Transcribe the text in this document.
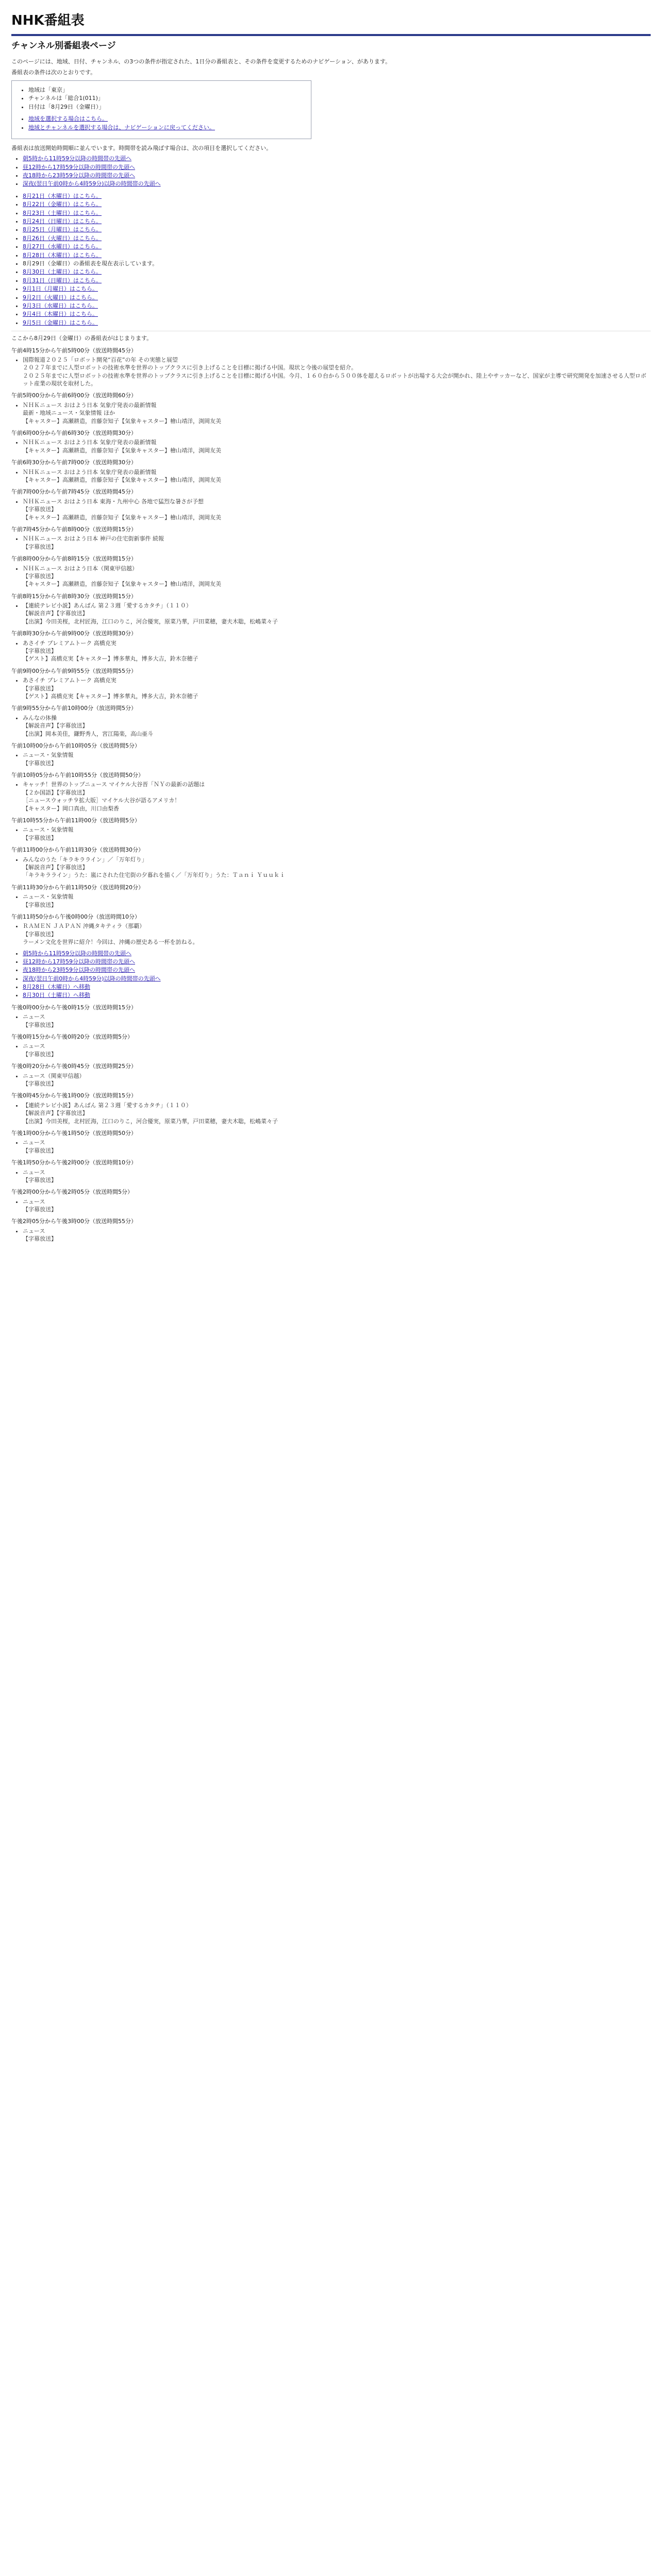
NHK番組表
チャンネル別番組表ページ

このページには、地域、日付、チャンネル、の3つの条件が指定された、1日分の番組表と、その条件を変更するためのナビゲーション、があります。

番組表の条件は次のとおりです。

• 地域は「東京」
• チャンネルは「総合1(011)」
• 日付は「8月29日（金曜日）」
• 地域を選択する場合はこちら。
• 地域とチャンネルを選択する場合は、ナビゲーションに戻ってください。

番組表は放送開始時間順に並んでいます。時間帯を読み飛ばす場合は、次の項目を選択してください。

• 朝5時から11時59分以降の時間帯の先頭へ
• 昼12時から17時59分以降の時間帯の先頭へ
• 夜18時から23時59分以降の時間帯の先頭へ
• 深夜(翌日午前0時から4時59分)以降の時間帯の先頭へ
• 8月21日（木曜日）はこちら。
• 8月22日（金曜日）はこちら。
• 8月23日（土曜日）はこちら。
• 8月24日（日曜日）はこちら。
• 8月25日（月曜日）はこちら。
• 8月26日（火曜日）はこちら。
• 8月27日（水曜日）はこちら。
• 8月28日（木曜日）はこちら。
• 8月29日（金曜日）の番組表を現在表示しています。
• 8月30日（土曜日）はこちら。
• 8月31日（日曜日）はこちら。
• 9月1日（月曜日）はこちら。
• 9月2日（火曜日）はこちら。
• 9月3日（水曜日）はこちら。
• 9月4日（木曜日）はこちら。
• 9月5日（金曜日）はこちら。

ここから8月29日（金曜日）の番組表がはじまります。

午前4時15分から午前5時00分（放送時間45分）

• 国際報道２０２５「ロボット開発“百花”の年 その実態と展望
２０２７年までに人型ロボットの技術水準を世界のトップクラスに引き上げることを目標に掲げる中国。現状と今後の展望を紹介。
２０２５年までに人型ロボットの技術水準を世界のトップクラスに引き上げることを目標に掲げる中国。今月、１６０台から５００体を超えるロボットが出場する大会が開かれ、陸上やサッカーなど、国家が主導で研究開発を加速させる人型ロボット産業の現状を取材した。

午前5時00分から午前6時00分（放送時間60分）

• ＮＨＫニュース おはよう日本 気象庁発表の最新情報
最新・地域ニュース・気象情報 ほか
【キャスター】高瀬耕造，首藤奈知子【気象キャスター】檜山靖洋，渕岡友美

午前6時00分から午前6時30分（放送時間30分）

• ＮＨＫニュース おはよう日本 気象庁発表の最新情報
【キャスター】高瀬耕造，首藤奈知子【気象キャスター】檜山靖洋，渕岡友美

午前6時30分から午前7時00分（放送時間30分）

• ＮＨＫニュース おはよう日本 気象庁発表の最新情報
【キャスター】高瀬耕造，首藤奈知子【気象キャスター】檜山靖洋，渕岡友美

午前7時00分から午前7時45分（放送時間45分）

• ＮＨＫニュース おはよう日本 東海・九州中心 各地で猛烈な暑さが予想
【字幕放送】
【キャスター】高瀬耕造，首藤奈知子【気象キャスター】檜山靖洋，渕岡友美

午前7時45分から午前8時00分（放送時間15分）

• ＮＨＫニュース おはよう日本 神戸の住宅街新事件 続報
【字幕放送】

午前8時00分から午前8時15分（放送時間15分）

• ＮＨＫニュース おはよう日本（関東甲信越）
【字幕放送】
【キャスター】高瀬耕造，首藤奈知子【気象キャスター】檜山靖洋，渕岡友美

午前8時15分から午前8時30分（放送時間15分）

• 【連続テレビ小説】あんぱん 第２３週「愛するカタチ」（１１０）
【解説音声】【字幕放送】
【出演】今田美桜，北村匠海，江口のりこ，河合優実，原菜乃華，戸田菜穂，妻夫木聡，松嶋菜々子

午前8時30分から午前9時00分（放送時間30分）

• あさイチ プレミアムトーク 高橋克実
【字幕放送】
【ゲスト】高橋克実【キャスター】博多華丸，博多大吉，鈴木奈穂子

午前9時00分から午前9時55分（放送時間55分）

• あさイチ プレミアムトーク 高橋克実
【字幕放送】
【ゲスト】高橋克実【キャスター】博多華丸，博多大吉，鈴木奈穂子

午前9時55分から午前10時00分（放送時間5分）

• みんなの体操
【解説音声】【字幕放送】
【出演】岡本美佳，鎌野秀人，宮江陽楽，高山亜斗

午前10時00分から午前10時05分（放送時間5分）

• ニュース・気象情報
【字幕放送】

午前10時05分から午前10時55分（放送時間50分）

• キャッチ！世界のトップニュース マイケル大谷晋「ＮＹの最新の話題は
【２か国語】【字幕放送】
［ニュースウォッチ９拡大版］マイケル大谷が語るアメリカ！
【キャスター】岡口真由，川口由梨香

午前10時55分から午前11時00分（放送時間5分）

• ニュース・気象情報
【字幕放送】

午前11時00分から午前11時30分（放送時間30分）

• みんなのうた「キラキラライン」／「万年灯り」
【解説音声】【字幕放送】
「キラキラライン」うた：嵐にされた住宅街の夕暮れを描く／「万年灯り」うた：Ｔａｎｉ Ｙｕｕｋｉ

午前11時30分から午前11時50分（放送時間20分）

• ニュース・気象情報
【字幕放送】

午前11時50分から午後0時00分（放送時間10分）

• ＲＡＭＥＮ ＪＡＰＡＮ 沖縄タキティラ（那覇）
【字幕放送】
ラーメン文化を世界に紹介！今回は、沖縄の歴史ある一杯を訪ねる。
• 朝5時から11時59分以降の時間帯の先頭へ
• 昼12時から17時59分以降の時間帯の先頭へ
• 夜18時から23時59分以降の時間帯の先頭へ
• 深夜(翌日午前0時から4時59分)以降の時間帯の先頭へ
• 8月28日（木曜日）へ移動
• 8月30日（土曜日）へ移動

午後0時00分から午後0時15分（放送時間15分）

• ニュース
【字幕放送】

午後0時15分から午後0時20分（放送時間5分）

• ニュース
【字幕放送】

午後0時20分から午後0時45分（放送時間25分）

• ニュース（関東甲信越）
【字幕放送】

午後0時45分から午後1時00分（放送時間15分）

• 【連続テレビ小説】あんぱん 第２３週「愛するカタチ」（１１０）
【解説音声】【字幕放送】
【出演】今田美桜，北村匠海，江口のりこ，河合優実，原菜乃華，戸田菜穂，妻夫木聡，松嶋菜々子

午後1時00分から午後1時50分（放送時間50分）

• ニュース
【字幕放送】

午後1時50分から午後2時00分（放送時間10分）

• ニュース
【字幕放送】

午後2時00分から午後2時05分（放送時間5分）

• ニュース
【字幕放送】

午後2時05分から午後3時00分（放送時間55分）

• ニュース
【字幕放送】
